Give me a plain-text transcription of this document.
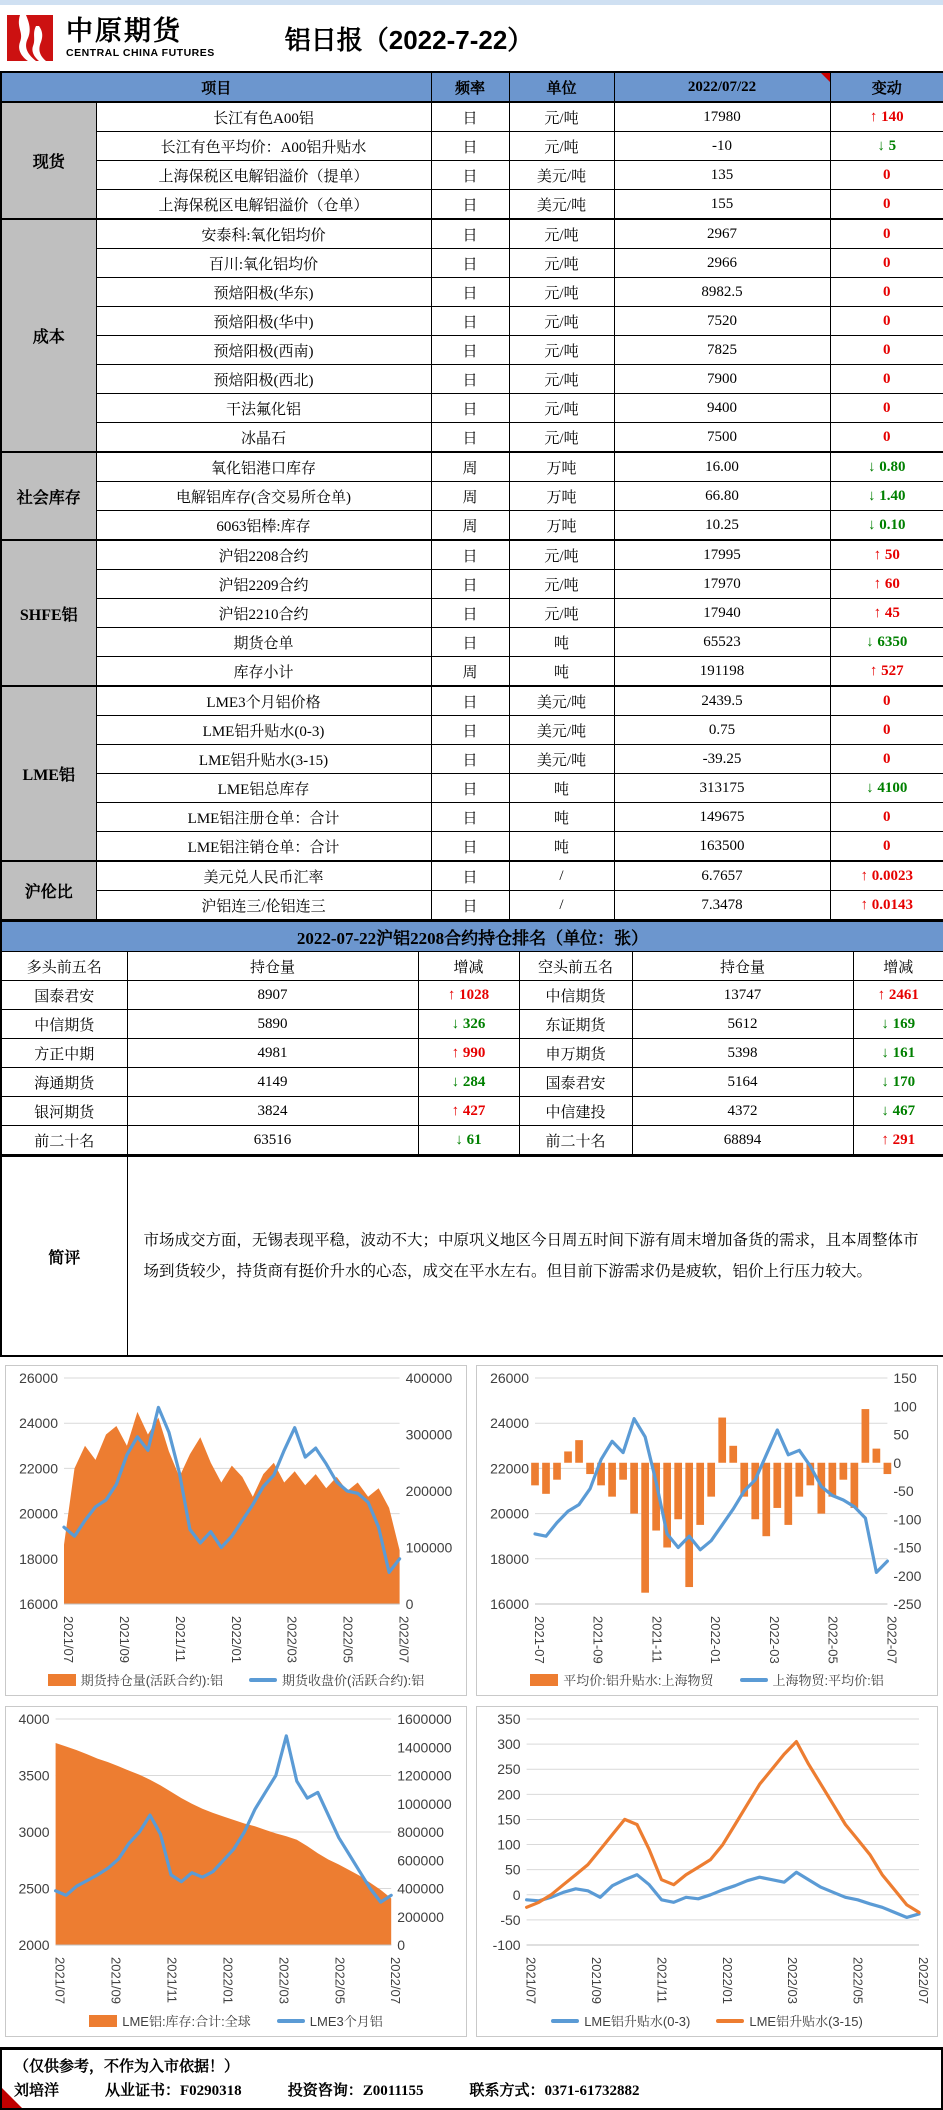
中原期货
CENTRAL CHINA FUTURES	铝日报（2022-7-22）
项目		频率	单位	2022/07/22	变动
现货	长江有色A00铝	日	元/吨	17980	↑ 140
	长江有色平均价：A00铝升贴水	日	元/吨	-10	↓ 5
	上海保税区电解铝溢价（提单）	日	美元/吨	135	0
	上海保税区电解铝溢价（仓单）	日	美元/吨	155	0
成本	安泰科:氧化铝均价	日	元/吨	2967	0
	百川:氧化铝均价	日	元/吨	2966	0
	预焙阳极(华东)	日	元/吨	8982.5	0
	预焙阳极(华中)	日	元/吨	7520	0
	预焙阳极(西南)	日	元/吨	7825	0
	预焙阳极(西北)	日	元/吨	7900	0
	干法氟化铝	日	元/吨	9400	0
	冰晶石	日	元/吨	7500	0
社会库存	氧化铝港口库存	周	万吨	16.00	↓ 0.80
	电解铝库存(含交易所仓单)	周	万吨	66.80	↓ 1.40
	6063铝棒:库存	周	万吨	10.25	↓ 0.10
SHFE铝	沪铝2208合约	日	元/吨	17995	↑ 50
	沪铝2209合约	日	元/吨	17970	↑ 60
	沪铝2210合约	日	元/吨	17940	↑ 45
	期货仓单	日	吨	65523	↓ 6350
	库存小计	周	吨	191198	↑ 527
LME铝	LME3个月铝价格	日	美元/吨	2439.5	0
	LME铝升贴水(0-3)	日	美元/吨	0.75	0
	LME铝升贴水(3-15)	日	美元/吨	-39.25	0
	LME铝总库存	日	吨	313175	↓ 4100
	LME铝注册仓单：合计	日	吨	149675	0
	LME铝注销仓单：合计	日	吨	163500	0
沪伦比	美元兑人民币汇率	日	/	6.7657	↑ 0.0023
	沪铝连三/伦铝连三	日	/	7.3478	↑ 0.0143
2022-07-22沪铝2208合约持仓排名（单位：张）					
多头前五名	持仓量	增减	空头前五名	持仓量	增减
国泰君安	8907	↑ 1028	中信期货	13747	↑ 2461
中信期货	5890	↓ 326	东证期货	5612	↓ 169
方正中期	4981	↑ 990	申万期货	5398	↓ 161
海通期货	4149	↓ 284	国泰君安	5164	↓ 170
银河期货	3824	↑ 427	中信建投	4372	↓ 467
前二十名	63516	↓ 61	前二十名	68894	↑ 291
简评	市场成交方面，无锡表现平稳，波动不大；中原巩义地区今日周五时间下游有周末增加备货的需求，且本周整体市场到货较少，持货商有挺价升水的心态，成交在平水左右。但目前下游需求仍是疲软，铝价上行压力较大。
26000
24000
22000
20000
18000
16000
400000
300000
200000
100000
0
2021/07	2021/09	2021/11	2022/01	2022/03	2022/05	2022/07
期货持仓量(活跃合约):铝	期货收盘价(活跃合约):铝
26000
24000
22000
20000
18000
16000
150
100
50
0
-50
-100
-150
-200
-250
2021-07	2021-09	2021-11	2022-01	2022-03	2022-05	2022-07
平均价:铝升贴水:上海物贸	上海物贸:平均价:铝
4000
3500
3000
2500
2000
1600000
1400000
1200000
1000000
800000
600000
400000
200000
0
2021/07	2021/09	2021/11	2022/01	2022/03	2022/05	2022/07
LME铝:库存:合计:全球	LME3个月铝
350
300
250
200
150
100
50
0
-50
-100
2021/07	2021/09	2021/11	2022/01	2022/03	2022/05	2022/07
LME铝升贴水(0-3)	LME铝升贴水(3-15)
（仅供参考，不作为入市依据！）
刘培洋	从业证书：F0290318	投资咨询：Z0011155	联系方式：0371-61732882
